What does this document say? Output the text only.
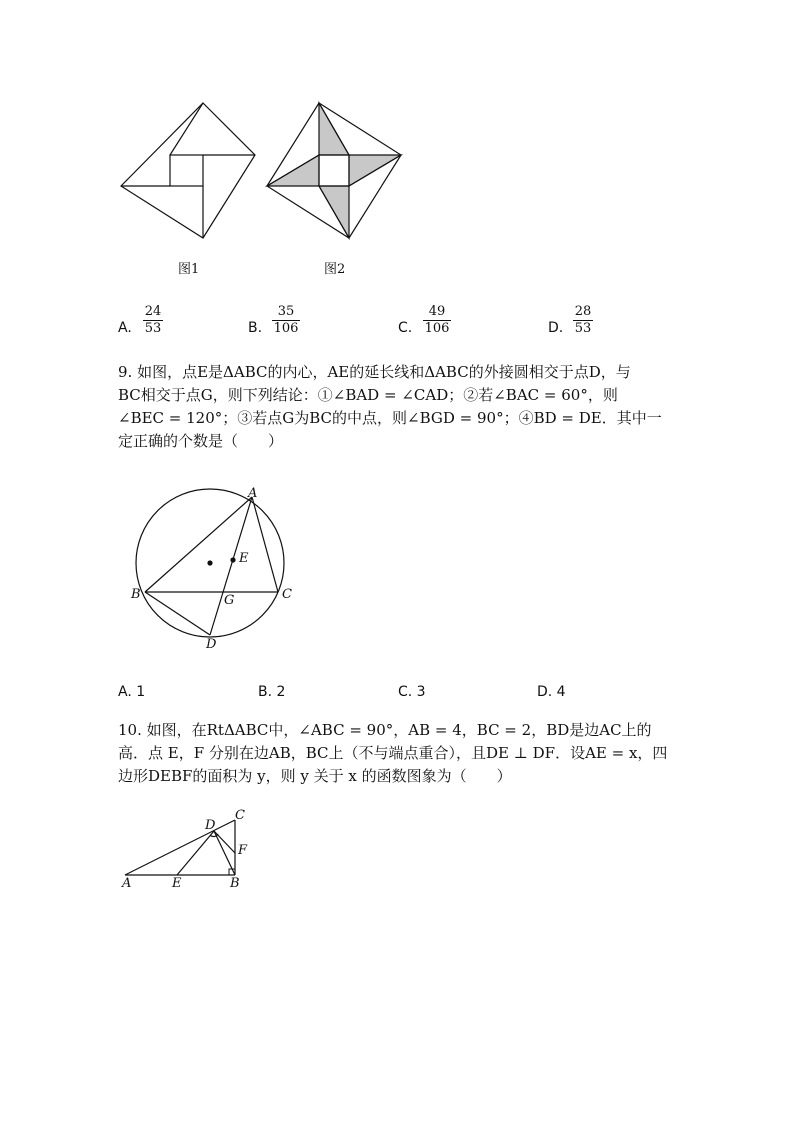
图1	图2
A.
24
53	B.
35
106	C.
49
106	D.
28
53
9. 如图，点E是ΔABC的内心，AE的延长线和ΔABC的外接圆相交于点D，与
BC相交于点G，则下列结论：①∠BAD = ∠CAD；②若∠BAC = 60°，则
∠BEC = 120°；③若点G为BC的中点，则∠BGD = 90°；④BD = DE．其中一
定正确的个数是（　　）
A
E
B	C
G
D
A. 1	B. 2	C. 3	D. 4
10. 如图，在RtΔABC中，∠ABC = 90°，AB = 4，BC = 2，BD是边AC上的
高．点 E，F 分别在边AB，BC上（不与端点重合），且DE ⊥ DF．设AE = x，四
边形DEBF的面积为 y，则 y 关于 x 的函数图象为（　　）
C
D
F
A	E	B
